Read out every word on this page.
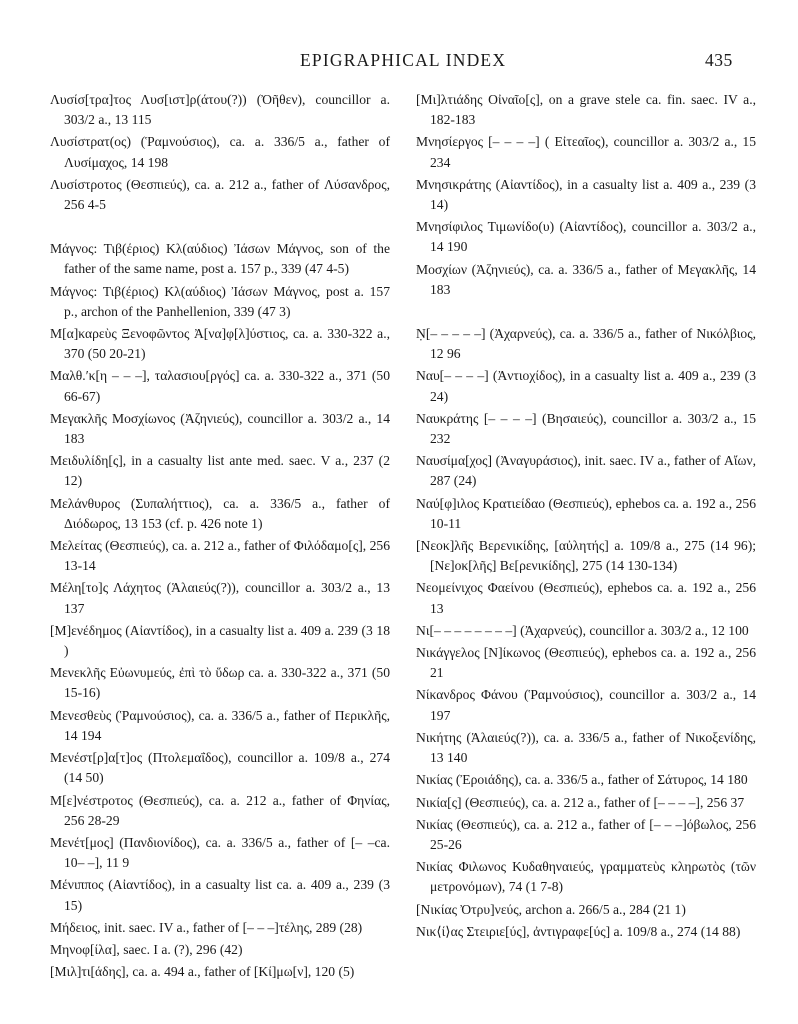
EPIGRAPHICAL INDEX	435

Λυσίσ[τρα]τος Λυσ[ιστ]ρ(άτου(?)) (Ὀῆθεν), councillor a. 303/2 a., 13 115

Λυσίστρατ(ος) (Ῥαμνούσιος), ca. a. 336/5 a., father of Λυσίμαχος, 14 198

Λυσίστροτος (Θεσπιεύς), ca. a. 212 a., father of Λύσανδρος, 256 4-5

Μάγνος: Τιβ(έριος) Κλ(αύδιος) Ἰάσων Μάγνος, son of the father of the same name, post a. 157 p., 339 (47 4-5)

Μάγνος: Τιβ(έριος) Κλ(αύδιος) Ἰάσων Μάγνος, post a. 157 p., archon of the Panhellenion, 339 (47 3)

Μ[α]καρεὺς Ξενοφῶντος Ἀ[να]φ[λ]ύστιος, ca. a. 330-322 a., 370 (50 20-21)

Μαλθ.′κ[η – – –], ταλασιου[ργός] ca. a. 330-322 a., 371 (50 66-67)

Μεγακλῆς Μοσχίωνος (Ἀζηνιεύς), councillor a. 303/2 a., 14 183

Μειδυλίδη[ς], in a casualty list ante med. saec. V a., 237 (2 12)

Μελάνθυρος (Συπαλήττιος), ca. a. 336/5 a., father of Διόδωρος, 13 153 (cf. p. 426 note 1)

Μελείτας (Θεσπιεύς), ca. a. 212 a., father of Φιλόδαμο[ς], 256 13-14

Μέλη[το]ς Λάχητος (Ἁλαιεύς(?)), councillor a. 303/2 a., 13 137

[Μ]ενέδημος (Αἰαντίδος), in a casualty list a. 409 a. 239 (3 18 )

Μενεκλῆς Εὐωνυμεύς, ἐπὶ τὸ ὕδωρ ca. a. 330-322 a., 371 (50 15-16)

Μενεσθεὺς (Ῥαμνούσιος), ca. a. 336/5 a., father of Περικλῆς, 14 194

Μενέστ[ρ]α[τ]ος (Πτολεμαΐδος), councillor a. 109/8 a., 274 (14 50)

Μ[ε]νέστροτος (Θεσπιεύς), ca. a. 212 a., father of Φηνίας, 256 28-29

Μενέτ[μος] (Πανδιονίδος), ca. a. 336/5 a., father of [– –ca. 10– –], 11 9

Μένιππος (Αἰαντίδος), in a casualty list ca. a. 409 a., 239 (3 15)

Μήδειος, init. saec. IV a., father of [– – –]τέλης, 289 (28)

Μηνοφ[ίλα], saec. I a. (?), 296 (42)

[Μιλ]τι[άδης], ca. a. 494 a., father of [Κί]μω[ν], 120 (5)

[Μι]λτιάδης Οἰναῖο[ς], on a grave stele ca. fin. saec. IV a., 182-183

Μνησίεργος [– – – –] ( Εἰτεαῖος), councillor a. 303/2 a., 15 234

Μνησικράτης (Αἰαντίδος), in a casualty list a. 409 a., 239 (3 14)

Μνησίφιλος Τιμωνίδο(υ) (Αἰαντίδος), councillor a. 303/2 a., 14 190

Μοσχίων (Ἀζηνιεύς), ca. a. 336/5 a., father of Μεγακλῆς, 14 183

Ṇ[– – – – –] (Ἀχαρνεύς), ca. a. 336/5 a., father of Νικόλβιος, 12 96

Ναυ[– – – –] (Ἀντιοχίδος), in a casualty list a. 409 a., 239 (3 24)

Ναυκράτης [– – – –] (Βησαιεύς), councillor a. 303/2 a., 15 232

Ναυσίμα[χος] (Ἀναγυράσιος), init. saec. IV a., father of Αἴων, 287 (24)

Ναύ[φ]ιλος Κρατιείδαο (Θεσπιεύς), ephebos ca. a. 192 a., 256 10-11

[Νεοκ]λῆς Βερενικίδης, [αὐλητής] a. 109/8 a., 275 (14 96); [Νε]οκ[λῆς] Βε[ρενικίδης], 275 (14 130-134)

Νεομείνιχος Φαείνου (Θεσπιεύς), ephebos ca. a. 192 a., 256 13

Νι[– – – – – – – –] (Ἀχαρνεύς), councillor a. 303/2 a., 12 100

Νικάγγελος [Ν]ίκωνος (Θεσπιεύς), ephebos ca. a. 192 a., 256 21

Νίκανδρος Φάνου (Ῥαμνούσιος), councillor a. 303/2 a., 14 197

Νικήτης (Ἁλαιεύς(?)), ca. a. 336/5 a., father of Νικοξενίδης, 13 140

Νικίας (Ἐροιάδης), ca. a. 336/5 a., father of Σάτυρος, 14 180

Νικία[ς] (Θεσπιεύς), ca. a. 212 a., father of [– – – –], 256 37

Νικίας (Θεσπιεύς), ca. a. 212 a., father of [– – –]όβωλος, 256 25-26

Νικίας Φιλωνος Κυδαθηναιεύς, γραμματεὺς κληρωτὸς (τῶν μετρονόμων), 74 (1 7-8)

[Νικίας Ὀτρυ]νεύς, archon a. 266/5 a., 284 (21 1)

Νικ⟨ί⟩ας Στειριε[ύς], ἀντιγραφε[ύς] a. 109/8 a., 274 (14 88)
